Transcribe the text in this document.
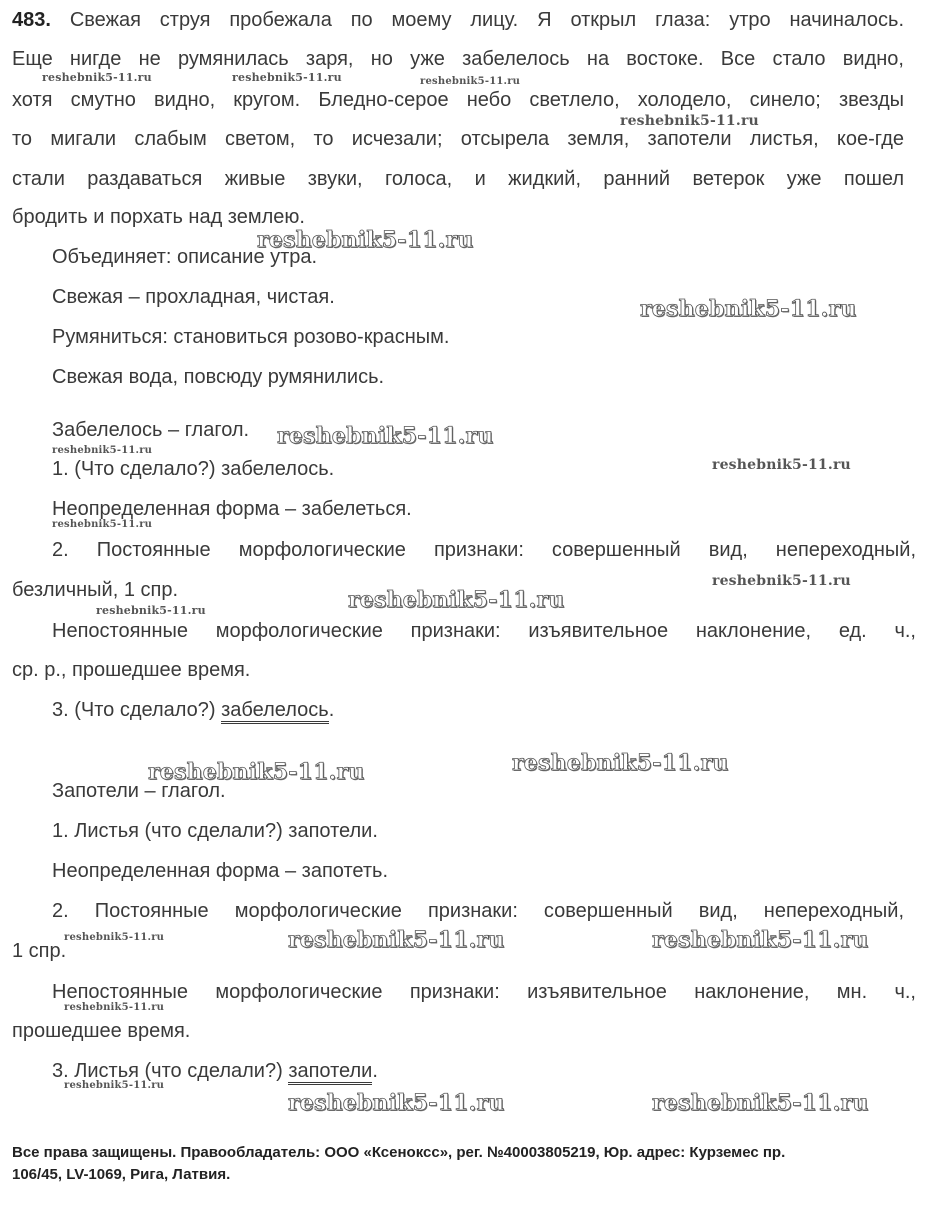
483. Свежая струя пробежала по моему лицу. Я открыл глаза: утро начиналось.
Еще нигде не румянилась заря, но уже забелелось на востоке. Все стало видно,
хотя смутно видно, кругом. Бледно-серое небо светлело, холодело, синело; звезды
то мигали слабым светом, то исчезали; отсырела земля, запотели листья, кое-где
стали раздаваться живые звуки, голоса, и жидкий, ранний ветерок уже пошел
бродить и порхать над землею.
Объединяет: описание утра.
Свежая – прохладная, чистая.
Румяниться: становиться розово-красным.
Свежая вода, повсюду румянились.
Забелелось – глагол.
1. (Что сделало?) забелелось.
Неопределенная форма – забелеться.
2. Постоянные морфологические признаки: совершенный вид, непереходный,
безличный, 1 спр.
Непостоянные морфологические признаки: изъявительное наклонение, ед. ч.,
ср. р., прошедшее время.
3. (Что сделало?) забелелось.
Запотели – глагол.
1. Листья (что сделали?) запотели.
Неопределенная форма – запотеть.
2. Постоянные морфологические признаки: совершенный вид, непереходный,
1 спр.
Непостоянные морфологические признаки: изъявительное наклонение, мн. ч.,
прошедшее время.
3. Листья (что сделали?) запотели.
reshebnik5-11.ru	reshebnik5-11.ru	reshebnik5-11.ru
reshebnik5-11.ru
reshebnik5-11.ru
reshebnik5-11.ru
reshebnik5-11.ru
reshebnik5-11.ru
reshebnik5-11.ru
reshebnik5-11.ru
reshebnik5-11.ru
reshebnik5-11.ru
reshebnik5-11.ru
reshebnik5-11.ru
reshebnik5-11.ru
reshebnik5-11.ru	reshebnik5-11.ru	reshebnik5-11.ru
reshebnik5-11.ru
reshebnik5-11.ru
reshebnik5-11.ru	reshebnik5-11.ru
Все права защищены. Правообладатель: ООО «Ксеноксс», рег. №40003805219, Юр. адрес: Курземес пр.
106/45, LV-1069, Рига, Латвия.
